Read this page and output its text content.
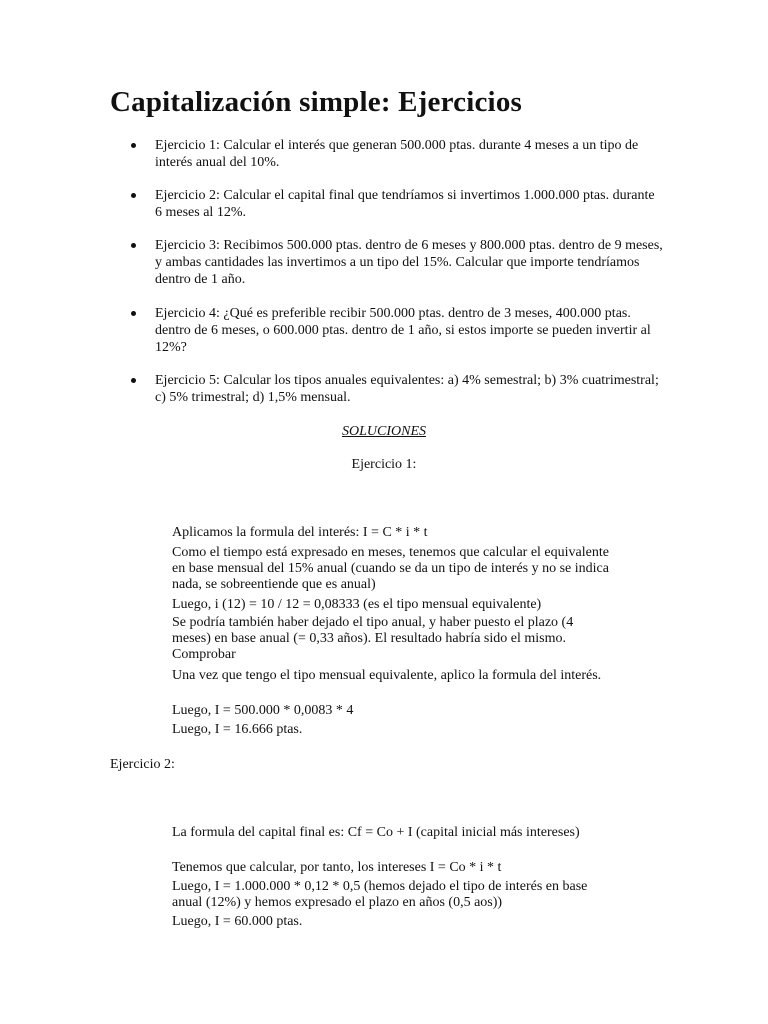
Capitalización simple: Ejercicios
Ejercicio 1: Calcular el interés que generan 500.000 ptas. durante 4 meses a un tipo de interés anual del 10%.
Ejercicio 2: Calcular el capital final que tendríamos si invertimos 1.000.000 ptas. durante 6 meses al 12%.
Ejercicio 3: Recibimos 500.000 ptas. dentro de 6 meses y 800.000 ptas. dentro de 9 meses, y ambas cantidades las invertimos a un tipo del 15%. Calcular que importe tendríamos dentro de 1 año.
Ejercicio 4: ¿Qué es preferible recibir 500.000 ptas. dentro de 3 meses, 400.000 ptas. dentro de 6 meses, o 600.000 ptas. dentro de 1 año, si estos importe se pueden invertir al 12%?
Ejercicio 5: Calcular los tipos anuales equivalentes: a) 4% semestral; b) 3% cuatrimestral; c) 5% trimestral; d) 1,5% mensual.
SOLUCIONES
Ejercicio 1:
Aplicamos la formula del interés: I = C * i * t
Como el tiempo está expresado en meses, tenemos que calcular el equivalente en base mensual del 15% anual (cuando se da un tipo de interés y no se indica nada, se sobreentiende que es anual)
Luego, i (12) = 10 / 12 = 0,08333 (es el tipo mensual equivalente)
Se podría también haber dejado el tipo anual, y haber puesto el plazo (4 meses) en base anual (= 0,33 años). El resultado habría sido el mismo. Comprobar
Una vez que tengo el tipo mensual equivalente, aplico la formula del interés.
Luego, I = 500.000 * 0,0083 * 4
Luego, I = 16.666 ptas.
Ejercicio 2:
La formula del capital final es: Cf = Co + I (capital inicial más intereses)
Tenemos que calcular, por tanto, los intereses I = Co * i * t
Luego, I = 1.000.000 * 0,12 * 0,5 (hemos dejado el tipo de interés en base anual (12%) y hemos expresado el plazo en años (0,5 aos))
Luego, I = 60.000 ptas.
